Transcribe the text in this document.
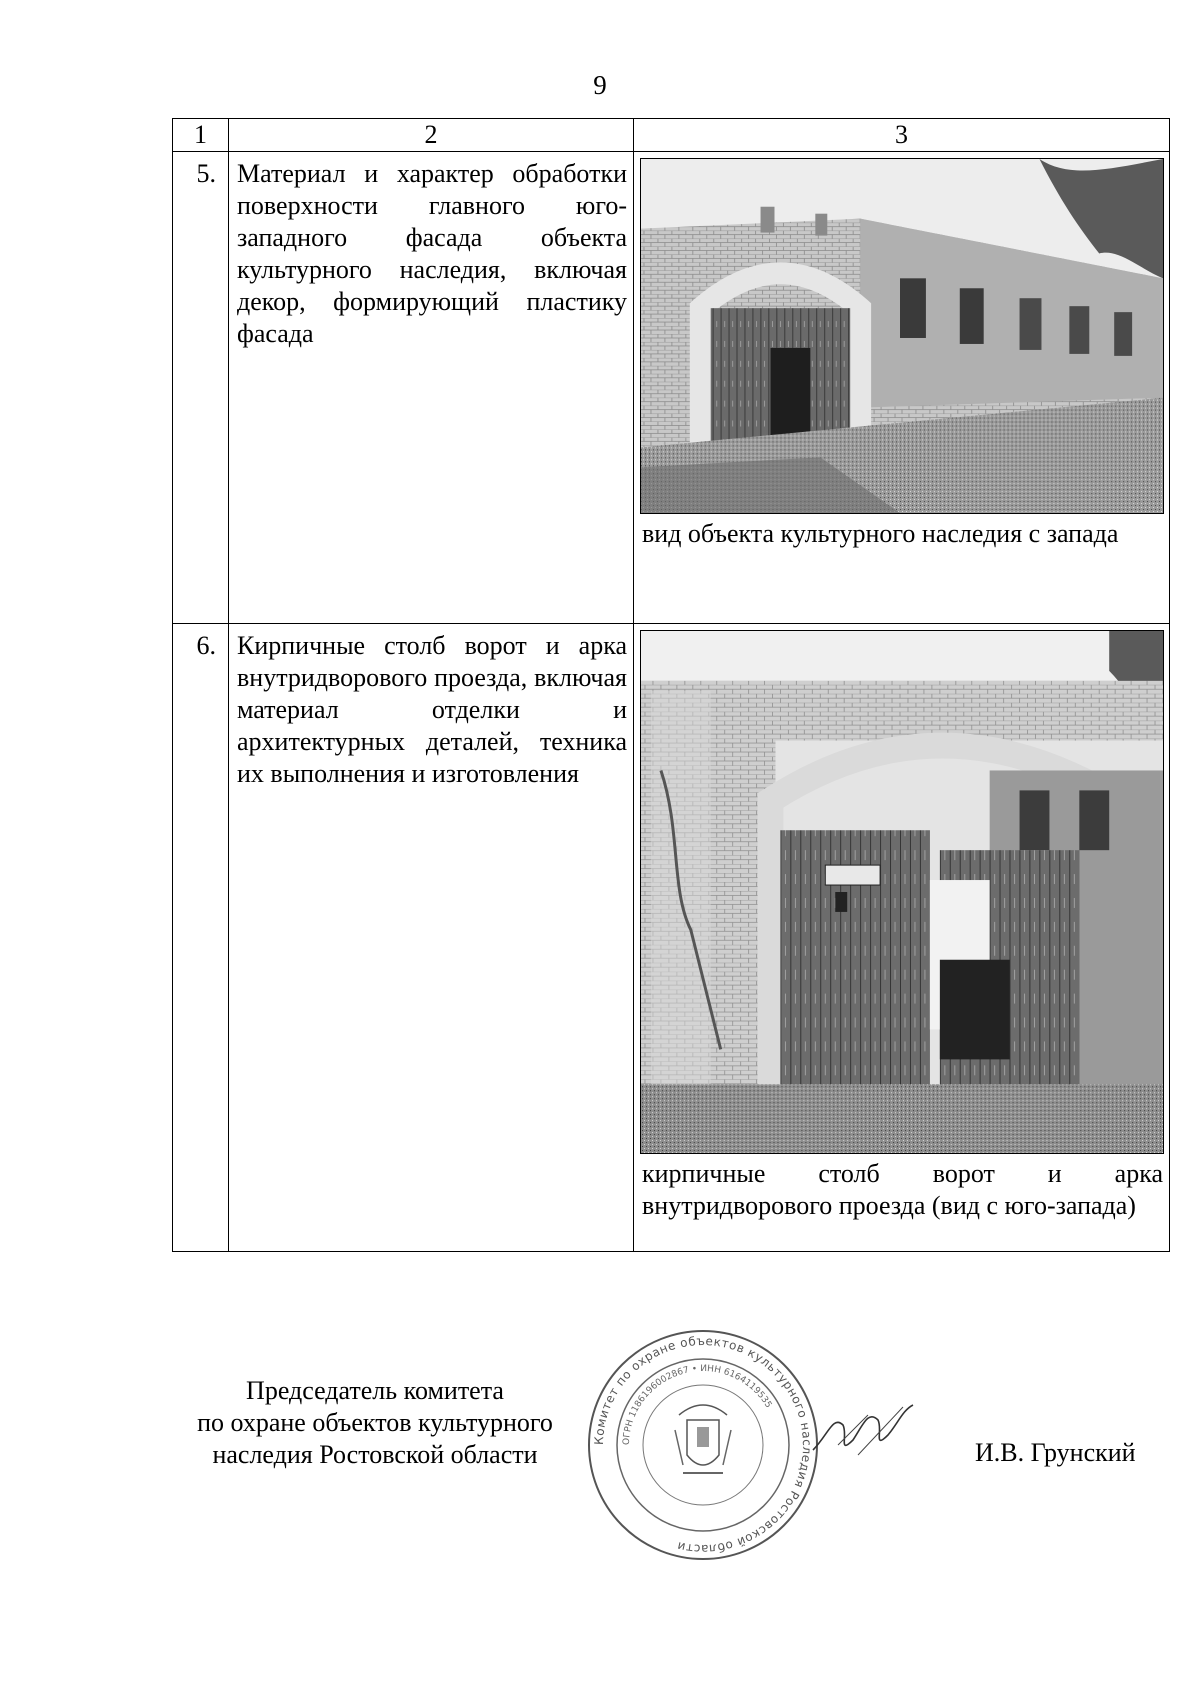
9
1	2	3
5.	Материал и характер обработки поверхности главного юго-западного фасада объекта культурного наследия, включая декор, формирующий пластику фасада	вид объекта культурного наследия с запада

6.	Кирпичные столб ворот и арка внутридворового проезда, включая материал отделки и архитектурных деталей, техника их выполнения и изготовления	кирпичные столб ворот и арка внутридворового проезда (вид с юго-запада)
Председатель комитета
по охране объектов культурного
наследия Ростовской области	Комитет по охране объектов культурного наследия Ростовской области
ОГРН 1186196002867 • ИНН 6164119535
И.В. Грунский
